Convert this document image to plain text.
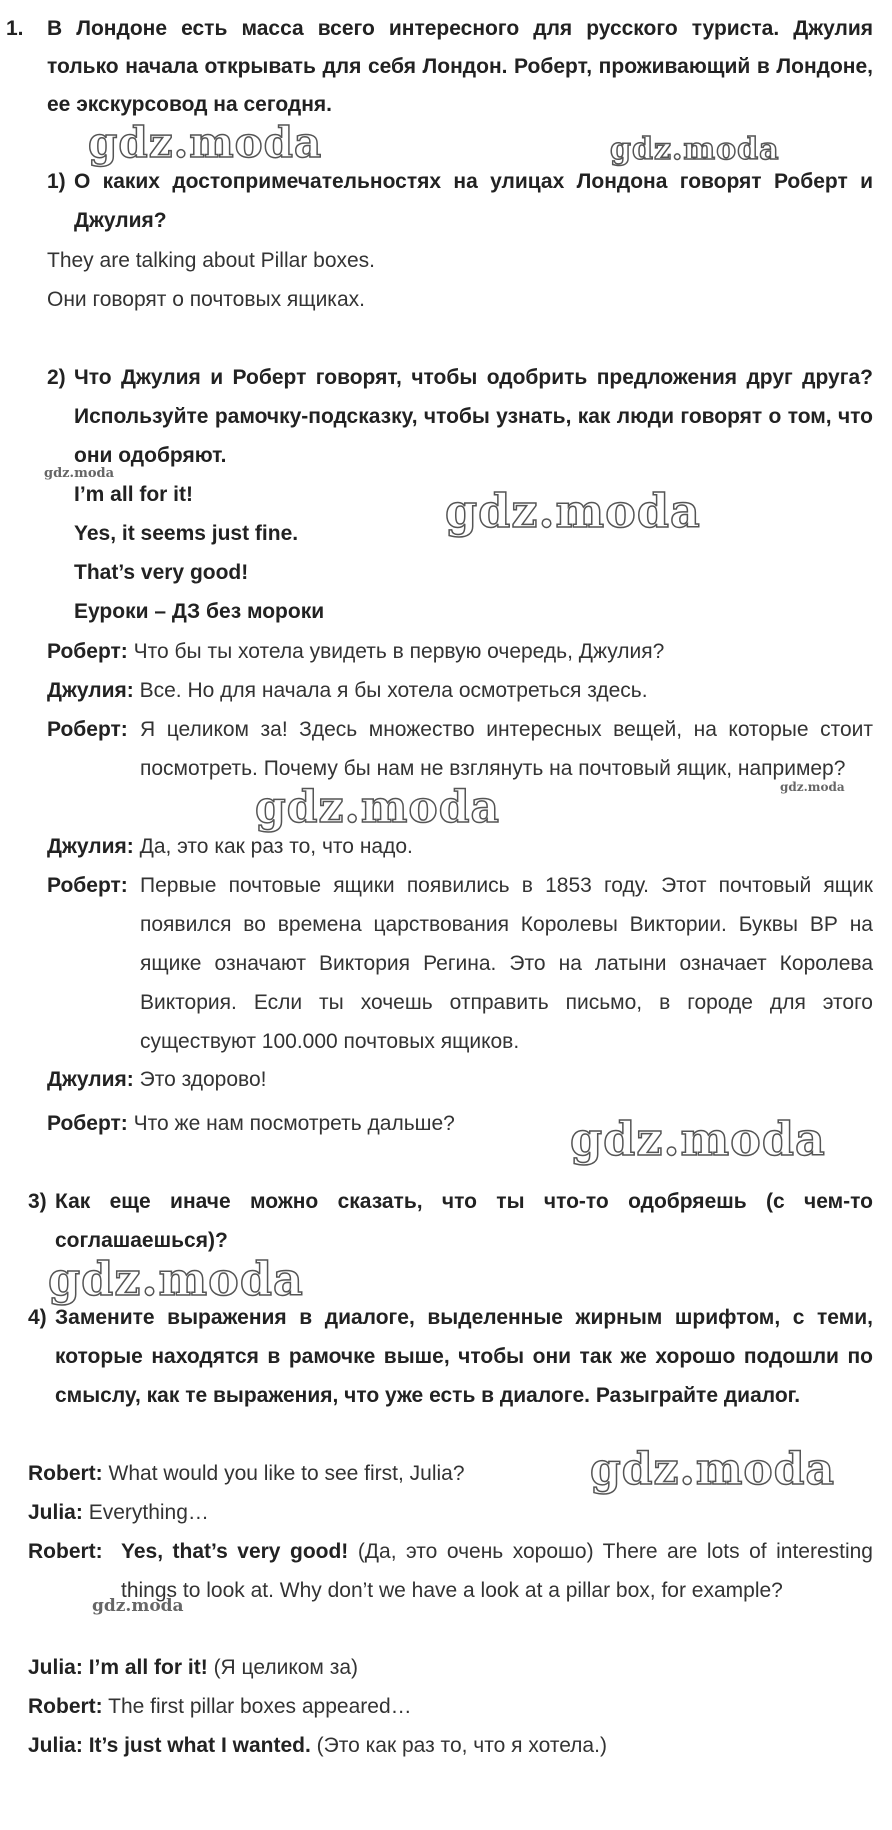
1. В Лондоне есть масса всего интересного для русского туриста. Джулия только начала открывать для себя Лондон. Роберт, проживающий в Лондоне, ее экскурсовод на сегодня.
1) О каких достопримечательностях на улицах Лондона говорят Роберт и Джулия?
They are talking about Pillar boxes.
Они говорят о почтовых ящиках.
2) Что Джулия и Роберт говорят, чтобы одобрить предложения друг друга? Используйте рамочку-подсказку, чтобы узнать, как люди говорят о том, что они одобряют.
I’m all for it!
Yes, it seems just fine.
That’s very good!
Еуроки – ДЗ без мороки
Роберт: Что бы ты хотела увидеть в первую очередь, Джулия?
Джулия: Все. Но для начала я бы хотела осмотреться здесь.
Роберт: Я целиком за! Здесь множество интересных вещей, на которые стоит посмотреть. Почему бы нам не взглянуть на почтовый ящик, например?
Джулия: Да, это как раз то, что надо.
Роберт: Первые почтовые ящики появились в 1853 году. Этот почтовый ящик появился во времена царствования Королевы Виктории. Буквы ВР на ящике означают Виктория Регина. Это на латыни означает Королева Виктория. Если ты хочешь отправить письмо, в городе для этого существуют 100.000 почтовых ящиков.
Джулия: Это здорово!
Роберт: Что же нам посмотреть дальше?
3) Как еще иначе можно сказать, что ты что-то одобряешь (с чем-то соглашаешься)?
4) Замените выражения в диалоге, выделенные жирным шрифтом, с теми, которые находятся в рамочке выше, чтобы они так же хорошо подошли по смыслу, как те выражения, что уже есть в диалоге. Разыграйте диалог.
Robert: What would you like to see first, Julia?
Julia: Everything…
Robert: Yes, that’s very good! (Да, это очень хорошо) There are lots of interesting things to look at. Why don’t we have a look at a pillar box, for example?
Julia: I’m all for it! (Я целиком за)
Robert: The first pillar boxes appeared…
Julia: It’s just what I wanted. (Это как раз то, что я хотела.)
gdz.moda	gdz.moda
gdz.moda
gdz.moda
gdz.moda	gdz.moda
gdz.moda
gdz.moda
gdz.moda
gdz.moda
